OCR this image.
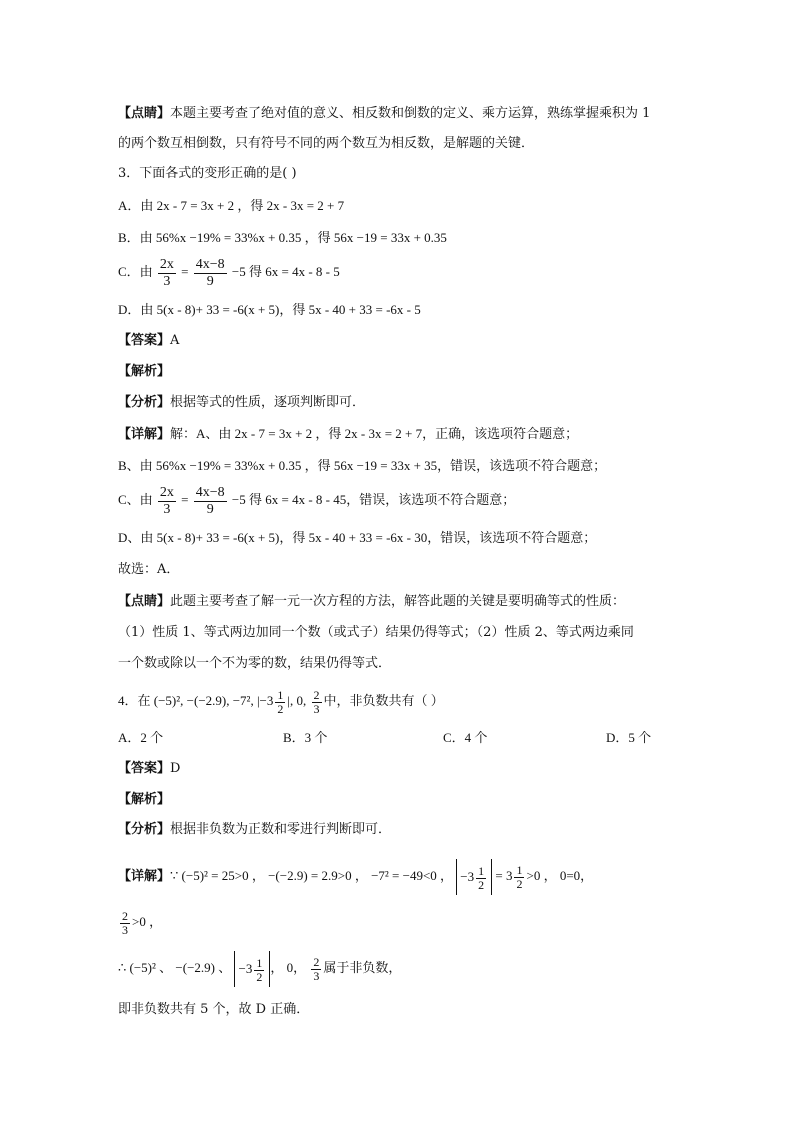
【点睛】本题主要考查了绝对值的意义、相反数和倒数的定义、乘方运算，熟练掌握乘积为 1
的两个数互相倒数，只有符号不同的两个数互为相反数，是解题的关键．
3．下面各式的变形正确的是( )
A．由 2x - 7 = 3x + 2 ，得 2x - 3x = 2 + 7
B．由 56%x −19% = 33%x + 0.35 ，得 56x −19 = 33x + 0.35
C．由 $\frac{2x}{3} = \frac{4x-8}{9} -5$ 得 6x = 4x - 8 - 5
D．由 5(x - 8)+ 33 = -6(x + 5)，得 5x - 40 + 33 = -6x - 5
【答案】A
【解析】
【分析】根据等式的性质，逐项判断即可．
【详解】解：A、由 2x - 7 = 3x + 2 ，得 2x - 3x = 2 + 7，正确，该选项符合题意；
B、由 56%x −19% = 33%x + 0.35 ，得 56x −19 = 33x + 35，错误，该选项不符合题意；
C、由 $\frac{2x}{3} = \frac{4x-8}{9} -5$ 得 6x = 4x - 8 - 45，错误，该选项不符合题意；
D、由 5(x - 8)+ 33 = -6(x + 5)，得 5x - 40 + 33 = -6x - 30，错误，该选项不符合题意；
故选：A．
【点睛】此题主要考查了解一元一次方程的方法，解答此题的关键是要明确等式的性质：
（1）性质 1、等式两边加同一个数（或式子）结果仍得等式；（2）性质 2、等式两边乘同
一个数或除以一个不为零的数，结果仍得等式．
4．在 (−5)², −(−2.9), −7², $|-3 \frac{1}{2}$ |, 0, $\frac{2}{3}$ 中，非负数共有（ ）
A．2 个	B．3 个	C．4 个	D．5 个
【答案】D
【解析】
【分析】根据非负数为正数和零进行判断即可．
【详解】∵ (−5)² = 25>0 ， −(−2.9) = 2.9>0 ， −7² = −49<0 ， $-3 \frac{1}{2} = 3 \frac{1}{2} >0$ ， 0=0，
$\frac{2}{3} >0$ ，
∴ (−5)² 、 −(−2.9) 、 $-3 \frac{1}{2}$ ， 0， $\frac{2}{3}$ 属于非负数，
即非负数共有 5 个，故 D 正确．
